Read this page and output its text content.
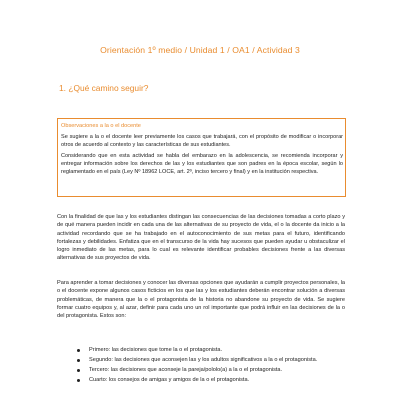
Orientación 1º medio / Unidad 1 / OA1 / Actividad 3
1. ¿Qué camino seguir?
Observaciones a la o el docente

Se sugiere a la o el docente leer previamente los casos que trabajará, con el propósito de modificar o incorporar otros de acuerdo al contexto y las características de sus estudiantes.

Considerando que en esta actividad se habla del embarazo en la adolescencia, se recomienda incorporar y entregar información sobre los derechos de las y los estudiantes que son padres en la época escolar, según lo reglamentado en el país (Ley Nº 18962 LOCE, art. 2º, inciso tercero y final) y en la institución respectiva.

Con la finalidad de que las y los estudiantes distingan las consecuencias de las decisiones tomadas a corto plazo y de qué manera pueden incidir en cada una de las alternativas de su proyecto de vida, el o la docente da inicio a la actividad recordando que se ha trabajado en el autoconocimiento de sus metas para el futuro, identificando fortalezas y debilidades. Enfatiza que en el transcurso de la vida hay sucesos que pueden ayudar u obstaculizar el logro inmediato de las metas, para lo cual es relevante identificar probables decisiones frente a las diversas alternativas de sus proyectos de vida.

Para aprender a tomar decisiones y conocer las diversas opciones que ayudarán a cumplir proyectos personales, la o el docente expone algunos casos ficticios en los que las y los estudiantes deberán encontrar solución a diversas problemáticas, de manera que la o el protagonista de la historia no abandone su proyecto de vida. Se sugiere formar cuatro equipos y, al azar, definir para cada uno un rol importante que podrá influir en las decisiones de la o del protagonista. Estos son:

Primero: las decisiones que tome la o el protagonista.
Segundo: las decisiones que aconsejen las y los adultos significativos a la o el protagonista.
Tercero: las decisiones que aconseje la pareja/pololo(a) a la o el protagonista.
Cuarto: los consejos de amigas y amigos de la o el protagonista.
